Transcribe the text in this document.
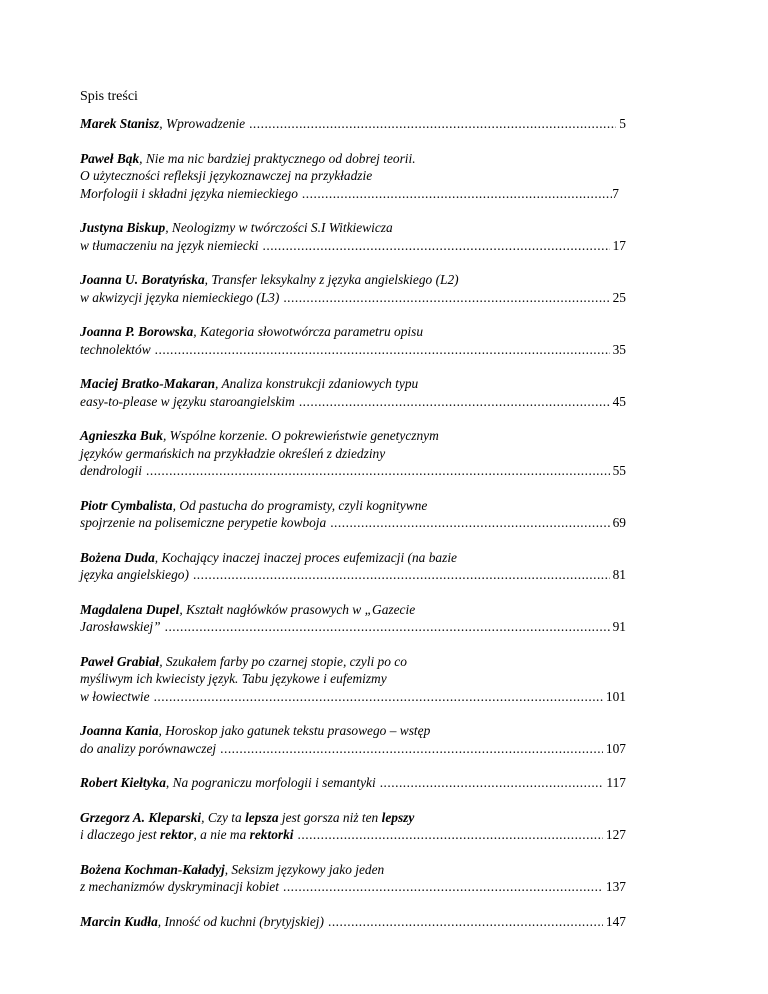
Spis treści
Marek Stanisz, Wprowadzenie .....	5
Paweł Bąk, Nie ma nic bardziej praktycznego od dobrej teorii.
O użyteczności refleksji językoznawczej na przykładzie
Morfologii i składni języka niemieckiego .....	7
Justyna Biskup, Neologizmy w twórczości S.I Witkiewicza
w tłumaczeniu na język niemiecki .....	17
Joanna U. Boratyńska, Transfer leksykalny z języka angielskiego (L2)
w akwizycji języka niemieckiego (L3) .....	25
Joanna P. Borowska, Kategoria słowotwórcza parametru opisu
technolektów .....	35
Maciej Bratko-Makaran, Analiza konstrukcji zdaniowych typu
easy-to-please w języku staroangielskim .....	45
Agnieszka Buk, Wspólne korzenie. O pokrewieństwie genetycznym
języków germańskich na przykładzie określeń z dziedziny
dendrologii .....	55
Piotr Cymbalista, Od pastucha do programisty, czyli kognitywne
spojrzenie na polisemiczne perypetie kowboja .....	69
Bożena Duda, Kochający inaczej inaczej proces eufemizacji (na bazie
języka angielskiego) .....	81
Magdalena Dupel, Kształt nagłówków prasowych w „Gazecie
Jarosławskiej” .....	91
Paweł Grabiał, Szukałem farby po czarnej stopie, czyli po co
myśliwym ich kwiecisty język. Tabu językowe i eufemizmy
w łowiectwie .....	101
Joanna Kania, Horoskop jako gatunek tekstu prasowego – wstęp
do analizy porównawczej .....	107
Robert Kiełtyka, Na pograniczu morfologii i semantyki .....	117
Grzegorz A. Kleparski, Czy ta lepsza jest gorsza niż ten lepszy
i dlaczego jest rektor, a nie ma rektorki .....	127
Bożena Kochman-Kaładyj, Seksizm językowy jako jeden
z mechanizmów dyskryminacji kobiet .....	137
Marcin Kudła, Inność od kuchni (brytyjskiej) .....	147
